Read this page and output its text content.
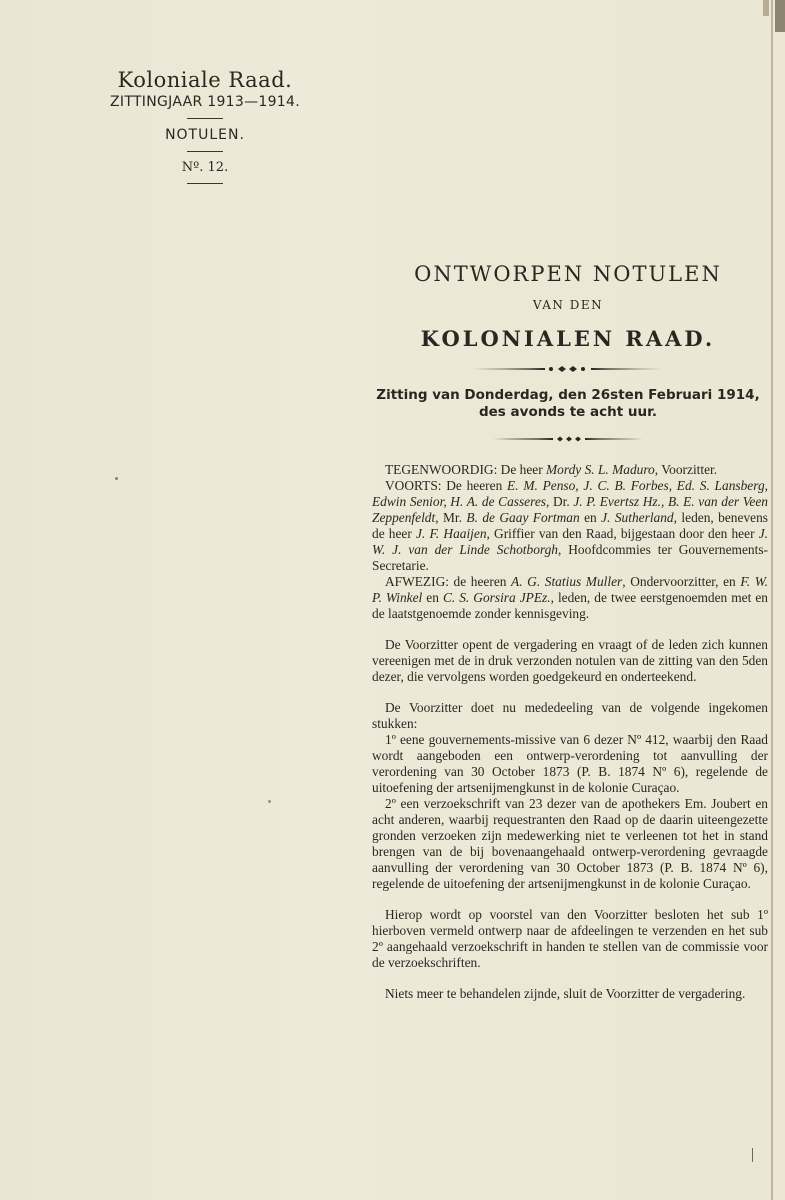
Koloniale Raad.
ZITTINGJAAR 1913—1914.
NOTULEN.
Nº. 12.
ONTWORPEN NOTULEN
VAN DEN
KOLONIALEN RAAD.
Zitting van Donderdag, den 26sten Februari 1914,
des avonds te acht uur.

TEGENWOORDIG: De heer Mordy S. L. Maduro, Voorzitter.

VOORTS: De heeren E. M. Penso, J. C. B. Forbes, Ed. S. Lansberg, Edwin Senior, H. A. de Casseres, Dr. J. P. Evertsz Hz., B. E. van der Veen Zeppenfeldt, Mr. B. de Gaay Fortman en J. Sutherland, leden, benevens de heer J. F. Haaijen, Griffier van den Raad, bijgestaan door den heer J. W. J. van der Linde Schotborgh, Hoofdcommies ter Gouvernements-Secretarie.

AFWEZIG: de heeren A. G. Statius Muller, Ondervoorzitter, en F. W. P. Winkel en C. S. Gorsira JPEz., leden, de twee eerstgenoemden met en de laatstgenoemde zonder kennisgeving.

De Voorzitter opent de vergadering en vraagt of de leden zich kunnen vereenigen met de in druk verzonden notulen van de zitting van den 5den dezer, die vervolgens worden goedgekeurd en onderteekend.

De Voorzitter doet nu mededeeling van de volgende ingekomen stukken:

1º eene gouvernements-missive van 6 dezer Nº 412, waarbij den Raad wordt aangeboden een ontwerp-verordening tot aanvulling der verordening van 30 October 1873 (P. B. 1874 Nº 6), regelende de uitoefening der artsenijmengkunst in de kolonie Curaçao.

2º een verzoekschrift van 23 dezer van de apothekers Em. Joubert en acht anderen, waarbij requestranten den Raad op de daarin uiteengezette gronden verzoeken zijn medewerking niet te verleenen tot het in stand brengen van de bij bovenaangehaald ontwerp-verordening gevraagde aanvulling der verordening van 30 October 1873 (P. B. 1874 Nº 6), regelende de uitoefening der artsenijmengkunst in de kolonie Curaçao.

Hierop wordt op voorstel van den Voorzitter besloten het sub 1º hierboven vermeld ontwerp naar de afdeelingen te verzenden en het sub 2º aangehaald verzoekschrift in handen te stellen van de commissie voor de verzoekschriften.

Niets meer te behandelen zijnde, sluit de Voorzitter de vergadering.
